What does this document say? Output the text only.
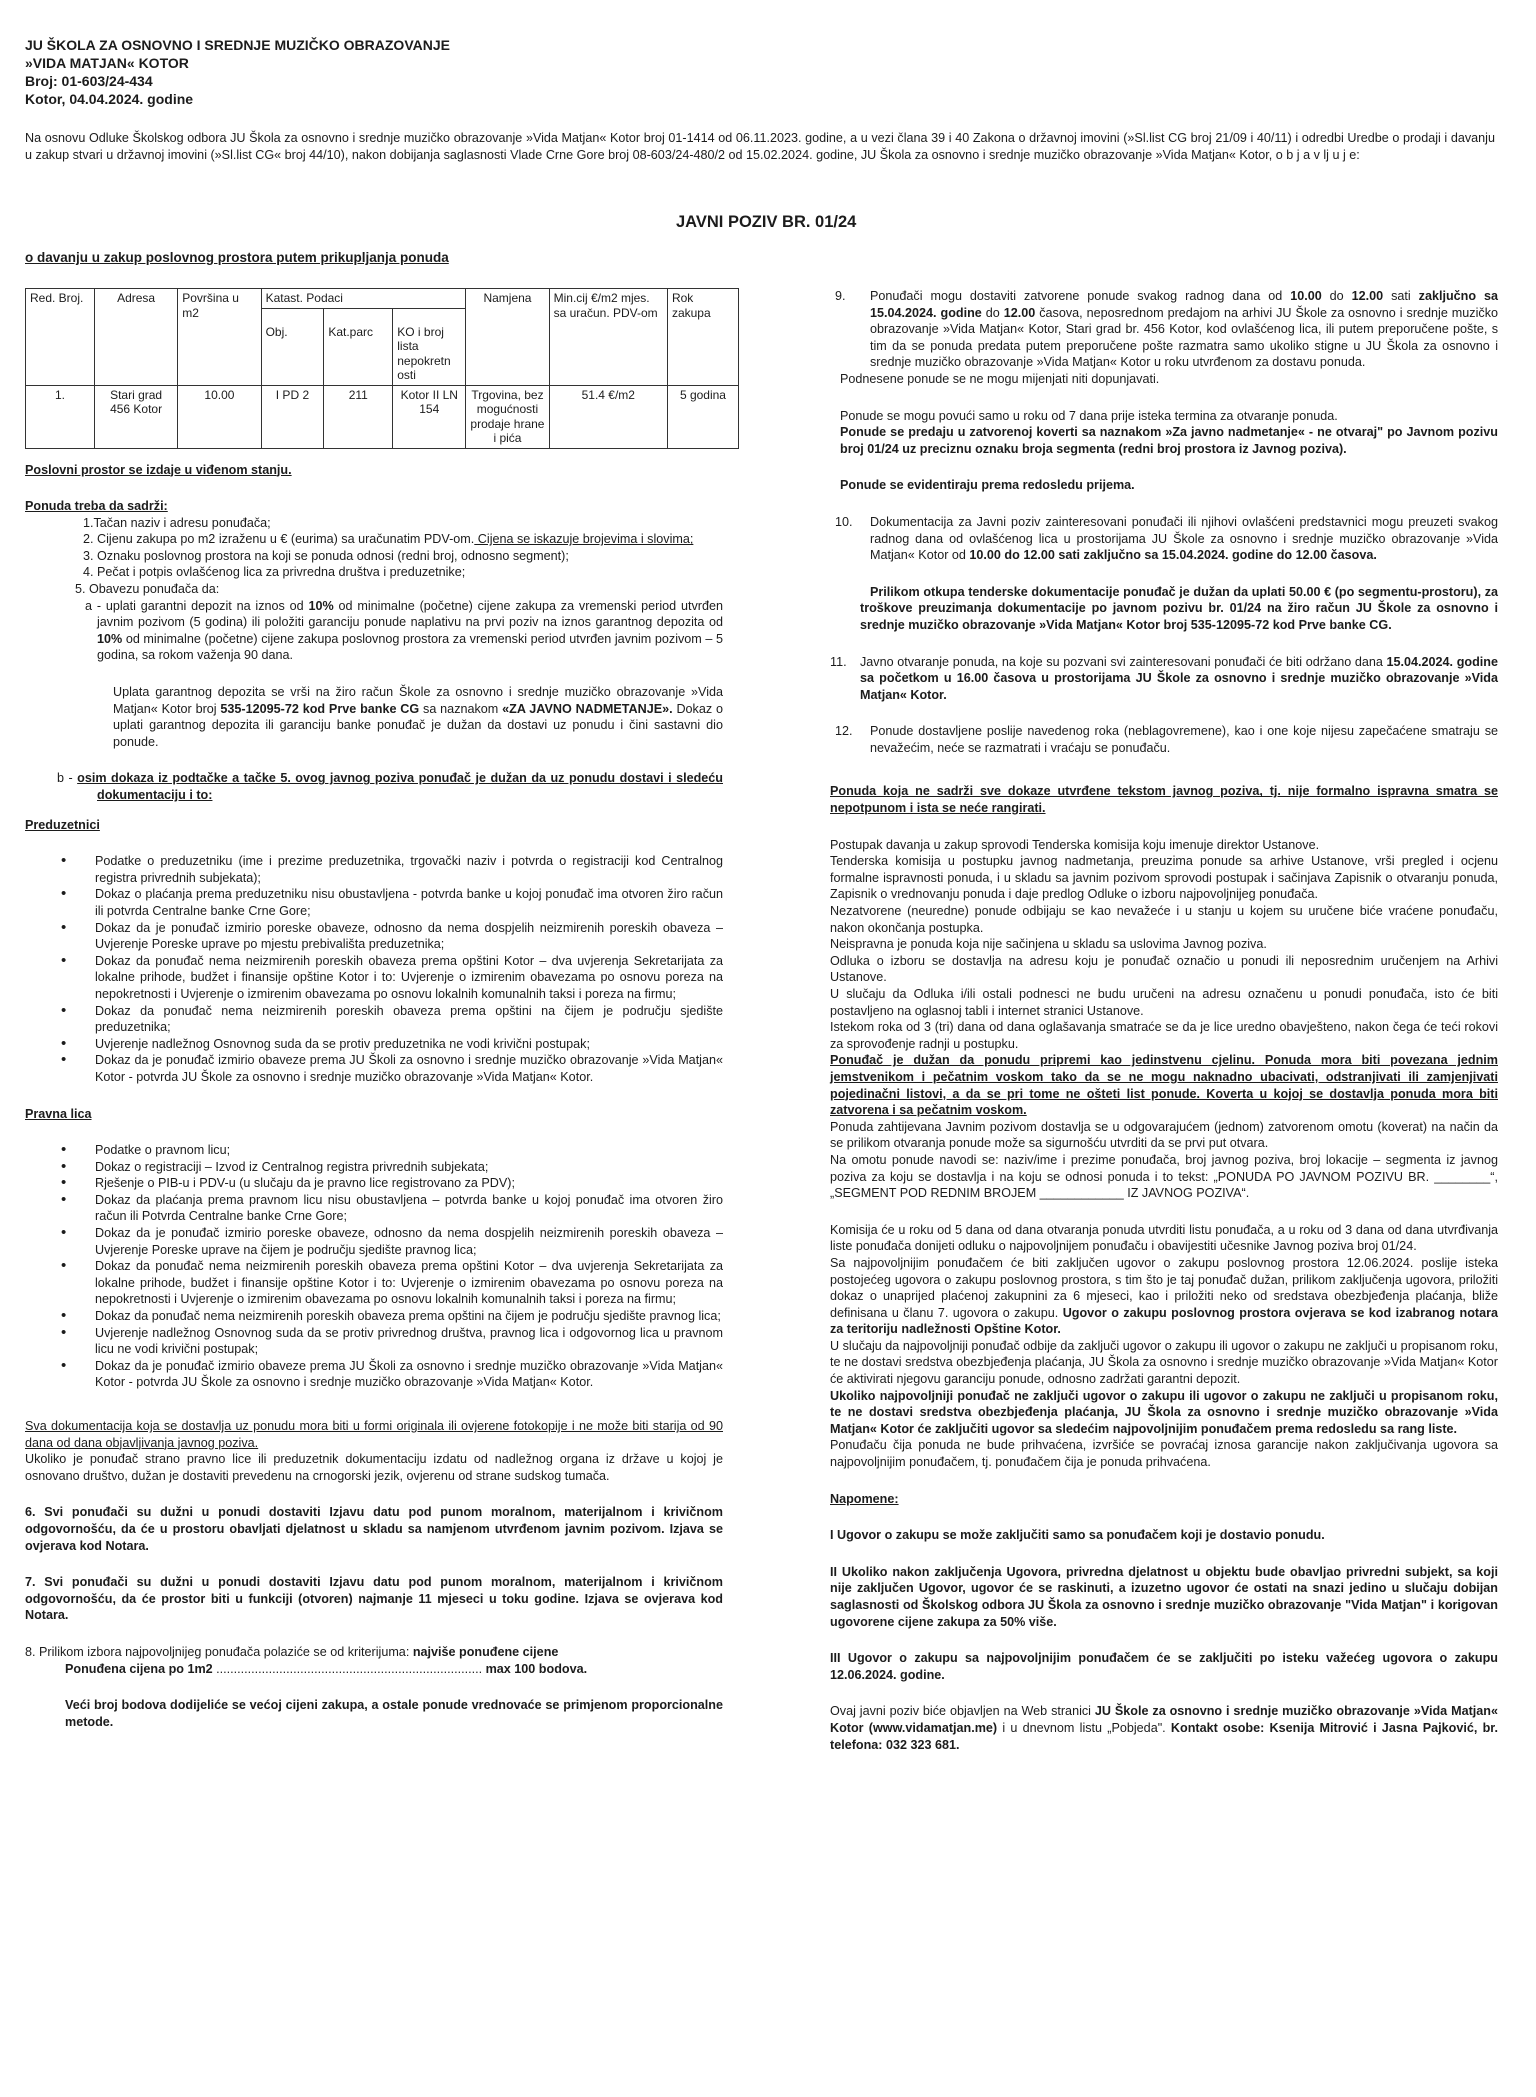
JU ŠKOLA ZA OSNOVNO I SREDNJE MUZIČKO OBRAZOVANJE
»VIDA MATJAN« KOTOR
Broj: 01-603/24-434
Kotor, 04.04.2024. godine
Na osnovu Odluke Školskog odbora JU Škola za osnovno i srednje muzičko obrazovanje »Vida Matjan« Kotor broj 01-1414 od 06.11.2023. godine, a u vezi člana 39 i 40 Zakona o državnoj imovini (»Sl.list CG broj 21/09 i 40/11) i odredbi Uredbe o prodaji i davanju u zakup stvari u državnoj imovini (»Sl.list CG« broj 44/10), nakon dobijanja saglasnosti Vlade Crne Gore broj 08-603/24-480/2 od 15.02.2024. godine, JU Škola za osnovno i srednje muzičko obrazovanje »Vida Matjan« Kotor, o b j a v lj u j e:
JAVNI POZIV BR. 01/24
o davanju u zakup poslovnog prostora putem prikupljanja ponuda
Red. Broj.	Adresa	Površina u m2	Katast. Podaci			Namjena	Min.cij €/m2 mjes. sa uračun. PDV-om	Rok zakupa
			Obj.	Kat.parc	KO i broj lista nepokretn osti			
1.	Stari grad 456 Kotor	10.00	I PD 2	211	Kotor II LN 154	Trgovina, bez mogućnosti prodaje hrane i pića	51.4 €/m2	5 godina

Poslovni prostor se izdaje u viđenom stanju.

Ponuda treba da sadrži:

1.Tačan naziv i adresu ponuđača;

2. Cijenu zakupa po m2 izraženu u € (eurima) sa uračunatim PDV-om. Cijena se iskazuje brojevima i slovima;

3. Oznaku poslovnog prostora na koji se ponuda odnosi (redni broj, odnosno segment);

4. Pečat i potpis ovlašćenog lica za privredna društva i preduzetnike;

5. Obavezu ponuđača da:

a - uplati garantni depozit na iznos od 10% od minimalne (početne) cijene zakupa za vremenski period utvrđen javnim pozivom (5 godina) ili položiti garanciju ponude naplativu na prvi poziv na iznos garantnog depozita od 10% od minimalne (početne) cijene zakupa poslovnog prostora za vremenski period utvrđen javnim pozivom – 5 godina, sa rokom važenja 90 dana.

Uplata garantnog depozita se vrši na žiro račun Škole za osnovno i srednje muzičko obrazovanje »Vida Matjan« Kotor broj 535-12095-72 kod Prve banke CG sa naznakom «ZA JAVNO NADMETANJE». Dokaz o uplati garantnog depozita ili garanciju banke ponuđač je dužan da dostavi uz ponudu i čini sastavni dio ponude.

b - osim dokaza iz podtačke a tačke 5. ovog javnog poziva ponuđač je dužan da uz ponudu dostavi i sledeću dokumentaciju i to:

Preduzetnici

• Podatke o preduzetniku (ime i prezime preduzetnika, trgovački naziv i potvrda o registraciji kod Centralnog registra privrednih subjekata);
• Dokaz o plaćanja prema preduzetniku nisu obustavljena - potvrda banke u kojoj ponuđač ima otvoren žiro račun ili potvrda Centralne banke Crne Gore;
• Dokaz da je ponuđač izmirio poreske obaveze, odnosno da nema dospjelih neizmirenih poreskih obaveza – Uvjerenje Poreske uprave po mjestu prebivališta preduzetnika;
• Dokaz da ponuđač nema neizmirenih poreskih obaveza prema opštini Kotor – dva uvjerenja Sekretarijata za lokalne prihode, budžet i finansije opštine Kotor i to: Uvjerenje o izmirenim obavezama po osnovu poreza na nepokretnosti i Uvjerenje o izmirenim obavezama po osnovu lokalnih komunalnih taksi i poreza na firmu;
• Dokaz da ponuđač nema neizmirenih poreskih obaveza prema opštini na čijem je području sjedište preduzetnika;
• Uvjerenje nadležnog Osnovnog suda da se protiv preduzetnika ne vodi krivični postupak;
• Dokaz da je ponuđač izmirio obaveze prema JU Školi za osnovno i srednje muzičko obrazovanje »Vida Matjan« Kotor - potvrda JU Škole za osnovno i srednje muzičko obrazovanje »Vida Matjan« Kotor.

Pravna lica

• Podatke o pravnom licu;
• Dokaz o registraciji – Izvod iz Centralnog registra privrednih subjekata;
• Rješenje o PIB-u i PDV-u (u slučaju da je pravno lice registrovano za PDV);
• Dokaz da plaćanja prema pravnom licu nisu obustavljena – potvrda banke u kojoj ponuđač ima otvoren žiro račun ili Potvrda Centralne banke Crne Gore;
• Dokaz da je ponuđač izmirio poreske obaveze, odnosno da nema dospjelih neizmirenih poreskih obaveza – Uvjerenje Poreske uprave na čijem je području sjedište pravnog lica;
• Dokaz da ponuđač nema neizmirenih poreskih obaveza prema opštini Kotor – dva uvjerenja Sekretarijata za lokalne prihode, budžet i finansije opštine Kotor i to: Uvjerenje o izmirenim obavezama po osnovu poreza na nepokretnosti i Uvjerenje o izmirenim obavezama po osnovu lokalnih komunalnih taksi i poreza na firmu;
• Dokaz da ponuđač nema neizmirenih poreskih obaveza prema opštini na čijem je području sjedište pravnog lica;
• Uvjerenje nadležnog Osnovnog suda da se protiv privrednog društva, pravnog lica i odgovornog lica u pravnom licu ne vodi krivični postupak;
• Dokaz da je ponuđač izmirio obaveze prema JU Školi za osnovno i srednje muzičko obrazovanje »Vida Matjan« Kotor - potvrda JU Škole za osnovno i srednje muzičko obrazovanje »Vida Matjan« Kotor.

Sva dokumentacija koja se dostavlja uz ponudu mora biti u formi originala ili ovjerene fotokopije i ne može biti starija od 90 dana od dana objavljivanja javnog poziva.

Ukoliko je ponuđač strano pravno lice ili preduzetnik dokumentaciju izdatu od nadležnog organa iz države u kojoj je osnovano društvo, dužan je dostaviti prevedenu na crnogorski jezik, ovjerenu od strane sudskog tumača.

6. Svi ponuđači su dužni u ponudi dostaviti Izjavu datu pod punom moralnom, materijalnom i krivičnom odgovornošću, da će u prostoru obavljati djelatnost u skladu sa namjenom utvrđenom javnim pozivom. Izjava se ovjerava kod Notara.

7. Svi ponuđači su dužni u ponudi dostaviti Izjavu datu pod punom moralnom, materijalnom i krivičnom odgovornošću, da će prostor biti u funkciji (otvoren) najmanje 11 mjeseci u toku godine. Izjava se ovjerava kod Notara.

8. Prilikom izbora najpovoljnijeg ponuđača polaziće se od kriterijuma: najviše ponuđene cijene

Ponuđena cijena po 1m2 ............................................................................ max 100 bodova.

Veći broj bodova dodijeliće se većoj cijeni zakupa, a ostale ponude vrednovaće se primjenom proporcionalne metode.

9. Ponuđači mogu dostaviti zatvorene ponude svakog radnog dana od 10.00 do 12.00 sati zaključno sa 15.04.2024. godine do 12.00 časova, neposrednom predajom na arhivi JU Škole za osnovno i srednje muzičko obrazovanje »Vida Matjan« Kotor, Stari grad br. 456 Kotor, kod ovlašćenog lica, ili putem preporučene pošte, s tim da se ponuda predata putem preporučene pošte razmatra samo ukoliko stigne u JU Škola za osnovno i srednje muzičko obrazovanje »Vida Matjan« Kotor u roku utvrđenom za dostavu ponuda.

Podnesene ponude se ne mogu mijenjati niti dopunjavati.

Ponude se mogu povući samo u roku od 7 dana prije isteka termina za otvaranje ponuda.

Ponude se predaju u zatvorenoj koverti sa naznakom »Za javno nadmetanje« - ne otvaraj" po Javnom pozivu broj 01/24 uz preciznu oznaku broja segmenta (redni broj prostora iz Javnog poziva).

Ponude se evidentiraju prema redosledu prijema.

10. Dokumentacija za Javni poziv zainteresovani ponuđači ili njihovi ovlašćeni predstavnici mogu preuzeti svakog radnog dana od ovlašćenog lica u prostorijama JU Škole za osnovno i srednje muzičko obrazovanje »Vida Matjan« Kotor od 10.00 do 12.00 sati zaključno sa 15.04.2024. godine do 12.00 časova.

Prilikom otkupa tenderske dokumentacije ponuđač je dužan da uplati 50.00 € (po segmentu-prostoru), za troškove preuzimanja dokumentacije po javnom pozivu br. 01/24 na žiro račun JU Škole za osnovno i srednje muzičko obrazovanje »Vida Matjan« Kotor broj 535-12095-72 kod Prve banke CG.

11. Javno otvaranje ponuda, na koje su pozvani svi zainteresovani ponuđači će biti održano dana 15.04.2024. godine sa početkom u 16.00 časova u prostorijama JU Škole za osnovno i srednje muzičko obrazovanje »Vida Matjan« Kotor.

12. Ponude dostavljene poslije navedenog roka (neblagovremene), kao i one koje nijesu zapečaćene smatraju se nevažećim, neće se razmatrati i vraćaju se ponuđaču.

Ponuda koja ne sadrži sve dokaze utvrđene tekstom javnog poziva, tj. nije formalno ispravna smatra se nepotpunom i ista se neće rangirati.

Postupak davanja u zakup sprovodi Tenderska komisija koju imenuje direktor Ustanove.

Tenderska komisija u postupku javnog nadmetanja, preuzima ponude sa arhive Ustanove, vrši pregled i ocjenu formalne ispravnosti ponuda, i u skladu sa javnim pozivom sprovodi postupak i sačinjava Zapisnik o otvaranju ponuda, Zapisnik o vrednovanju ponuda i daje predlog Odluke o izboru najpovoljnijeg ponuđača.

Nezatvorene (neuredne) ponude odbijaju se kao nevažeće i u stanju u kojem su uručene biće vraćene ponuđaču, nakon okončanja postupka.

Neispravna je ponuda koja nije sačinjena u skladu sa uslovima Javnog poziva.

Odluka o izboru se dostavlja na adresu koju je ponuđač označio u ponudi ili neposrednim uručenjem na Arhivi Ustanove.

U slučaju da Odluka i/ili ostali podnesci ne budu uručeni na adresu označenu u ponudi ponuđača, isto će biti postavljeno na oglasnoj tabli i internet stranici Ustanove.

Istekom roka od 3 (tri) dana od dana oglašavanja smatraće se da je lice uredno obavješteno, nakon čega će teći rokovi za sprovođenje radnji u postupku.

Ponuđač je dužan da ponudu pripremi kao jedinstvenu cjelinu. Ponuda mora biti povezana jednim jemstvenikom i pečatnim voskom tako da se ne mogu naknadno ubacivati, odstranjivati ili zamjenjivati pojedinačni listovi, a da se pri tome ne ošteti list ponude. Koverta u kojoj se dostavlja ponuda mora biti zatvorena i sa pečatnim voskom.

Ponuda zahtijevana Javnim pozivom dostavlja se u odgovarajućem (jednom) zatvorenom omotu (koverat) na način da se prilikom otvaranja ponude može sa sigurnošću utvrditi da se prvi put otvara.

Na omotu ponude navodi se: naziv/ime i prezime ponuđača, broj javnog poziva, broj lokacije – segmenta iz javnog poziva za koju se dostavlja i na koju se odnosi ponuda i to tekst: „PONUDA PO JAVNOM POZIVU BR. ________“, „SEGMENT POD REDNIM BROJEM ____________ IZ JAVNOG POZIVA“.

Komisija će u roku od 5 dana od dana otvaranja ponuda utvrditi listu ponuđača, a u roku od 3 dana od dana utvrđivanja liste ponuđača donijeti odluku o najpovoljnijem ponuđaču i obavijestiti učesnike Javnog poziva broj 01/24.

Sa najpovoljnijim ponuđačem će biti zaključen ugovor o zakupu poslovnog prostora 12.06.2024. poslije isteka postojećeg ugovora o zakupu poslovnog prostora, s tim što je taj ponuđač dužan, prilikom zaključenja ugovora, priložiti dokaz o unaprijed plaćenoj zakupnini za 6 mjeseci, kao i priložiti neko od sredstava obezbjeđenja plaćanja, bliže definisana u članu 7. ugovora o zakupu. Ugovor o zakupu poslovnog prostora ovjerava se kod izabranog notara za teritoriju nadležnosti Opštine Kotor.

U slučaju da najpovoljniji ponuđač odbije da zaključi ugovor o zakupu ili ugovor o zakupu ne zaključi u propisanom roku, te ne dostavi sredstva obezbjeđenja plaćanja, JU Škola za osnovno i srednje muzičko obrazovanje »Vida Matjan« Kotor će aktivirati njegovu garanciju ponude, odnosno zadržati garantni depozit.

Ukoliko najpovoljniji ponuđač ne zaključi ugovor o zakupu ili ugovor o zakupu ne zaključi u propisanom roku, te ne dostavi sredstva obezbjeđenja plaćanja, JU Škola za osnovno i srednje muzičko obrazovanje »Vida Matjan« Kotor će zaključiti ugovor sa sledećim najpovoljnijim ponuđačem prema redosledu sa rang liste.

Ponuđaču čija ponuda ne bude prihvaćena, izvršiće se povraćaj iznosa garancije nakon zaključivanja ugovora sa najpovoljnijim ponuđačem, tj. ponuđačem čija je ponuda prihvaćena.

Napomene:

I Ugovor o zakupu se može zaključiti samo sa ponuđačem koji je dostavio ponudu.

II Ukoliko nakon zaključenja Ugovora, privredna djelatnost u objektu bude obavljao privredni subjekt, sa koji nije zaključen Ugovor, ugovor će se raskinuti, a izuzetno ugovor će ostati na snazi jedino u slučaju dobijan saglasnosti od Školskog odbora JU Škola za osnovno i srednje muzičko obrazovanje "Vida Matjan" i korigovan ugovorene cijene zakupa za 50% više.

III Ugovor o zakupu sa najpovoljnijim ponuđačem će se zaključiti po isteku važećeg ugovora o zakupu 12.06.2024. godine.

Ovaj javni poziv biće objavljen na Web stranici JU Škole za osnovno i srednje muzičko obrazovanje »Vida Matjan« Kotor (www.vidamatjan.me) i u dnevnom listu „Pobjeda". Kontakt osobe: Ksenija Mitrović i Jasna Pajković, br. telefona: 032 323 681.
